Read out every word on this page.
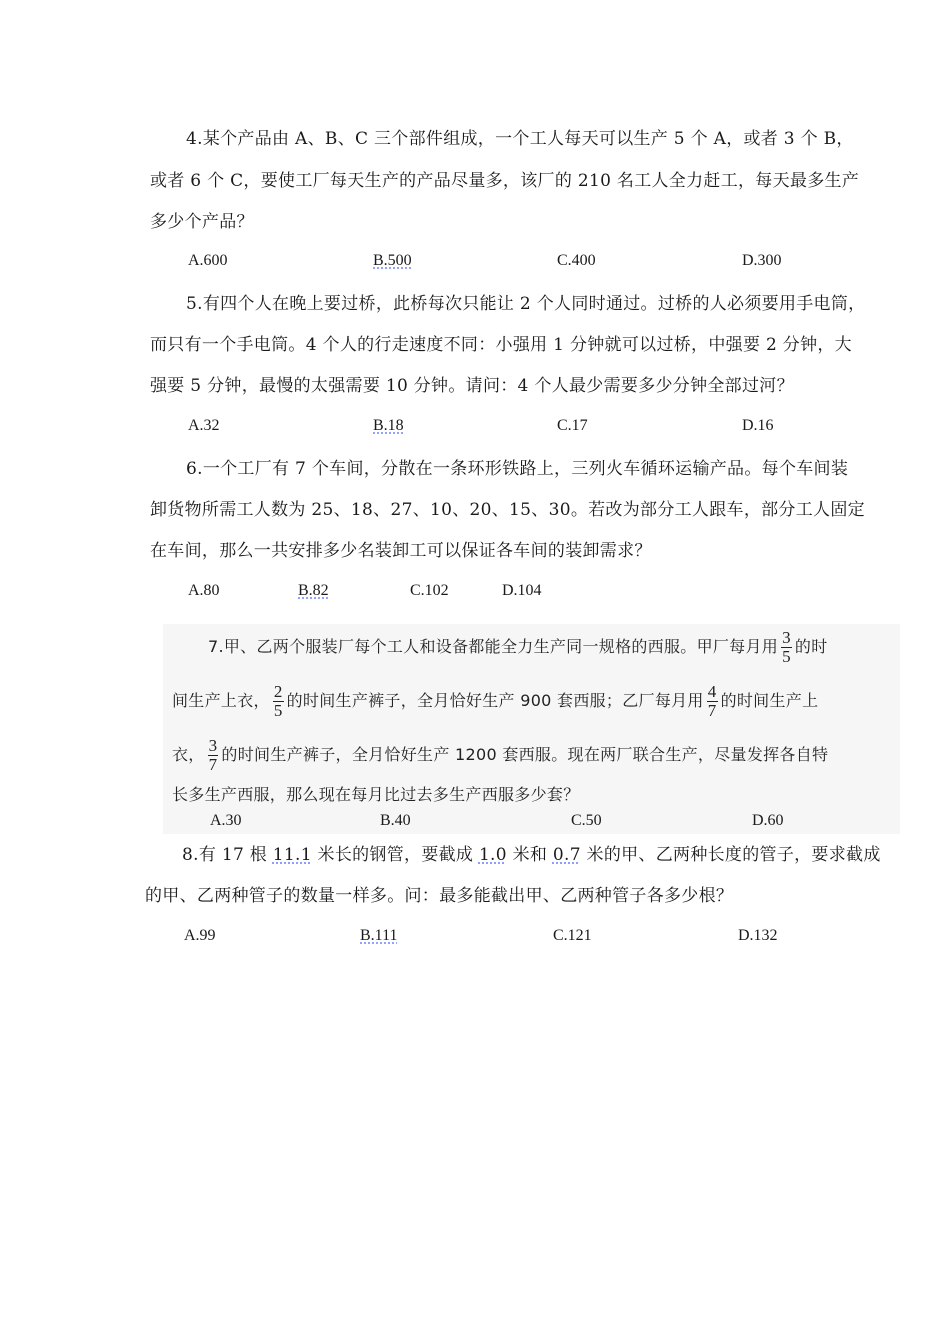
4.某个产品由 A、B、C 三个部件组成，一个工人每天可以生产 5 个 A，或者 3 个 B，
或者 6 个 C，要使工厂每天生产的产品尽量多，该厂的 210 名工人全力赶工，每天最多生产
多少个产品？
A.600	B.500	C.400	D.300
5.有四个人在晚上要过桥，此桥每次只能让 2 个人同时通过。过桥的人必须要用手电筒，
而只有一个手电筒。4 个人的行走速度不同：小强用 1 分钟就可以过桥，中强要 2 分钟，大
强要 5 分钟，最慢的太强需要 10 分钟。请问：4 个人最少需要多少分钟全部过河？
A.32	B.18	C.17	D.16
6.一个工厂有 7 个车间，分散在一条环形铁路上，三列火车循环运输产品。每个车间装
卸货物所需工人数为 25、18、27、10、20、15、30。若改为部分工人跟车，部分工人固定
在车间，那么一共安排多少名装卸工可以保证各车间的装卸需求？
A.80	B.82	C.102	D.104
7.甲、乙两个服装厂每个工人和设备都能全力生产同一规格的西服。甲厂每月用 $\frac{3}{5}$ 的时
间生产上衣， $\frac{2}{5}$ 的时间生产裤子，全月恰好生产 900 套西服；乙厂每月用 $\frac{4}{7}$ 的时间生产上
衣， $\frac{3}{7}$ 的时间生产裤子，全月恰好生产 1200 套西服。现在两厂联合生产，尽量发挥各自特
长多生产西服，那么现在每月比过去多生产西服多少套？
A.30	B.40	C.50	D.60
8.有 17 根 11.1 米长的钢管，要截成 1.0 米和 0.7 米的甲、乙两种长度的管子，要求截成
的甲、乙两种管子的数量一样多。问：最多能截出甲、乙两种管子各多少根？
A.99	B.111	C.121	D.132
